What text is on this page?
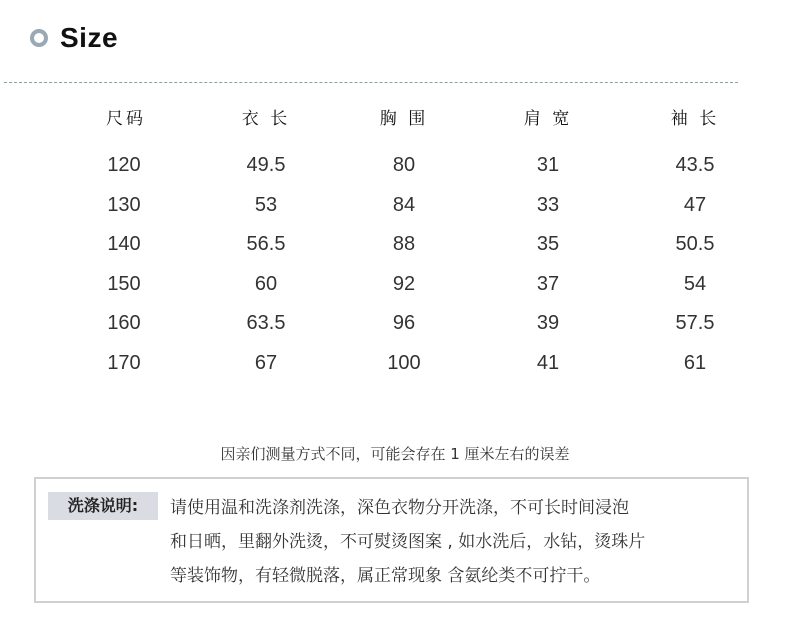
Size
尺码	衣 长	胸 围	肩 宽	袖 长
120	49.5	80	31	43.5
130	53	84	33	47
140	56.5	88	35	50.5
150	60	92	37	54
160	63.5	96	39	57.5
170	67	100	41	61
因亲们测量方式不同，可能会存在 1 厘米左右的误差
洗涤说明:	请使用温和洗涤剂洗涤，深色衣物分开洗涤，不可长时间浸泡
和日晒，里翻外洗烫，不可熨烫图案 , 如水洗后，水钻，烫珠片
等装饰物，有轻微脱落，属正常现象 含氨纶类不可拧干。
